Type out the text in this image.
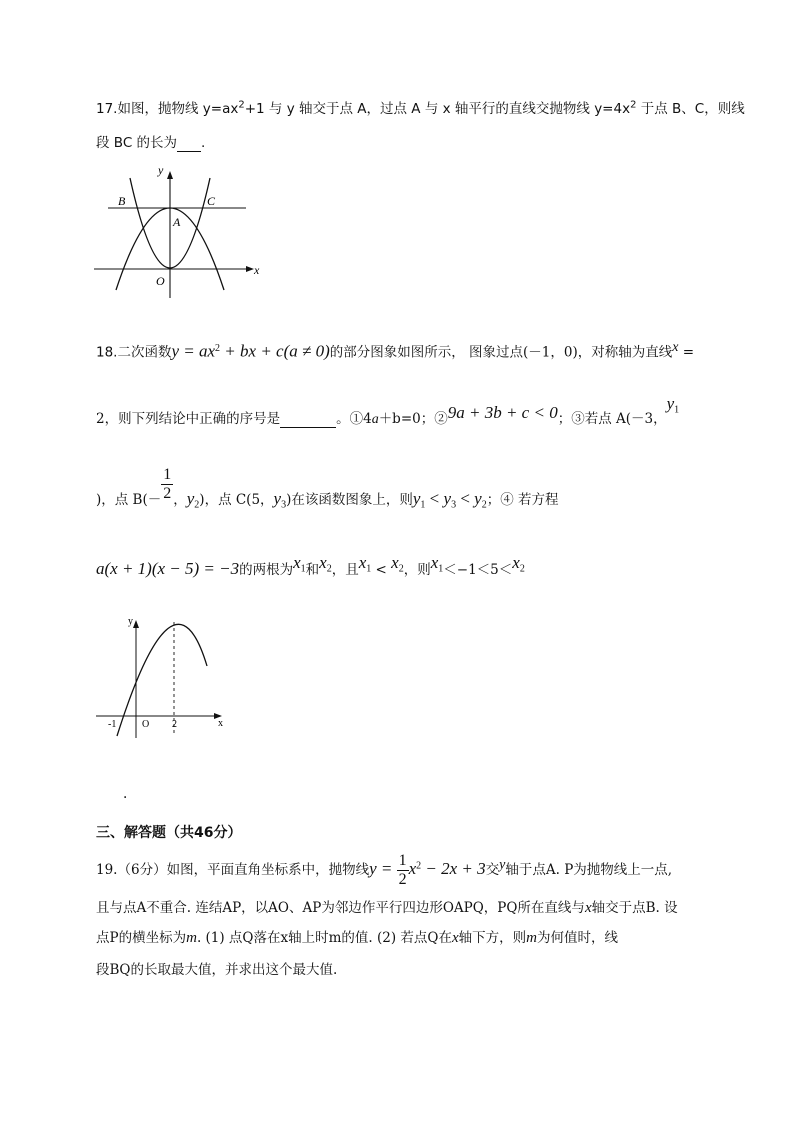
17.如图，抛物线 $y=ax^2+1$ 与 y 轴交于点 A，过点 A 与 x 轴平行的直线交抛物线 $y=4x^2$ 于点 B、C，则线
段 BC 的长为 .
B	C
A
O
x
y
18.二次函数$y = ax^2$ + bx + c(a ≠ 0)的部分图象如图所示， 图象过点(－1，0)，对称轴为直线$^x$ =
2，则下列结论中正确的序号是	。①4a＋b=0；②9a + 3b + c < 0；③若点 A(－3，$y_1$
)，点 $B(- \frac{1}{2}$ ，$y_2$)，点 C(5，$y_3$)在该函数图象上，则$y_1 < y_3 < y_2$；④ 若方程
a(x + 1)(x − 5) = −3的两根为$x_1$和$x_2$，且$x_1 < x_2$，则$x_1<-1<5<x_2$
y
x
-1	O 2
.
三、解答题（共46分）
19.（6分）如图，平面直角坐标系中，抛物线$y = \frac{1}{2} x^2 - 2x + 3$交$^y$轴于点A. P为抛物线上一点,
且与点A不重合. 连结AP，以AO、AP为邻边作平行四边形OAPQ，PQ所在直线与x轴交于点B. 设
点P的横坐标为m. (1) 点Q落在x轴上时m的值. (2) 若点Q在x轴下方，则m为何值时，线
段BQ的长取最大值，并求出这个最大值.
